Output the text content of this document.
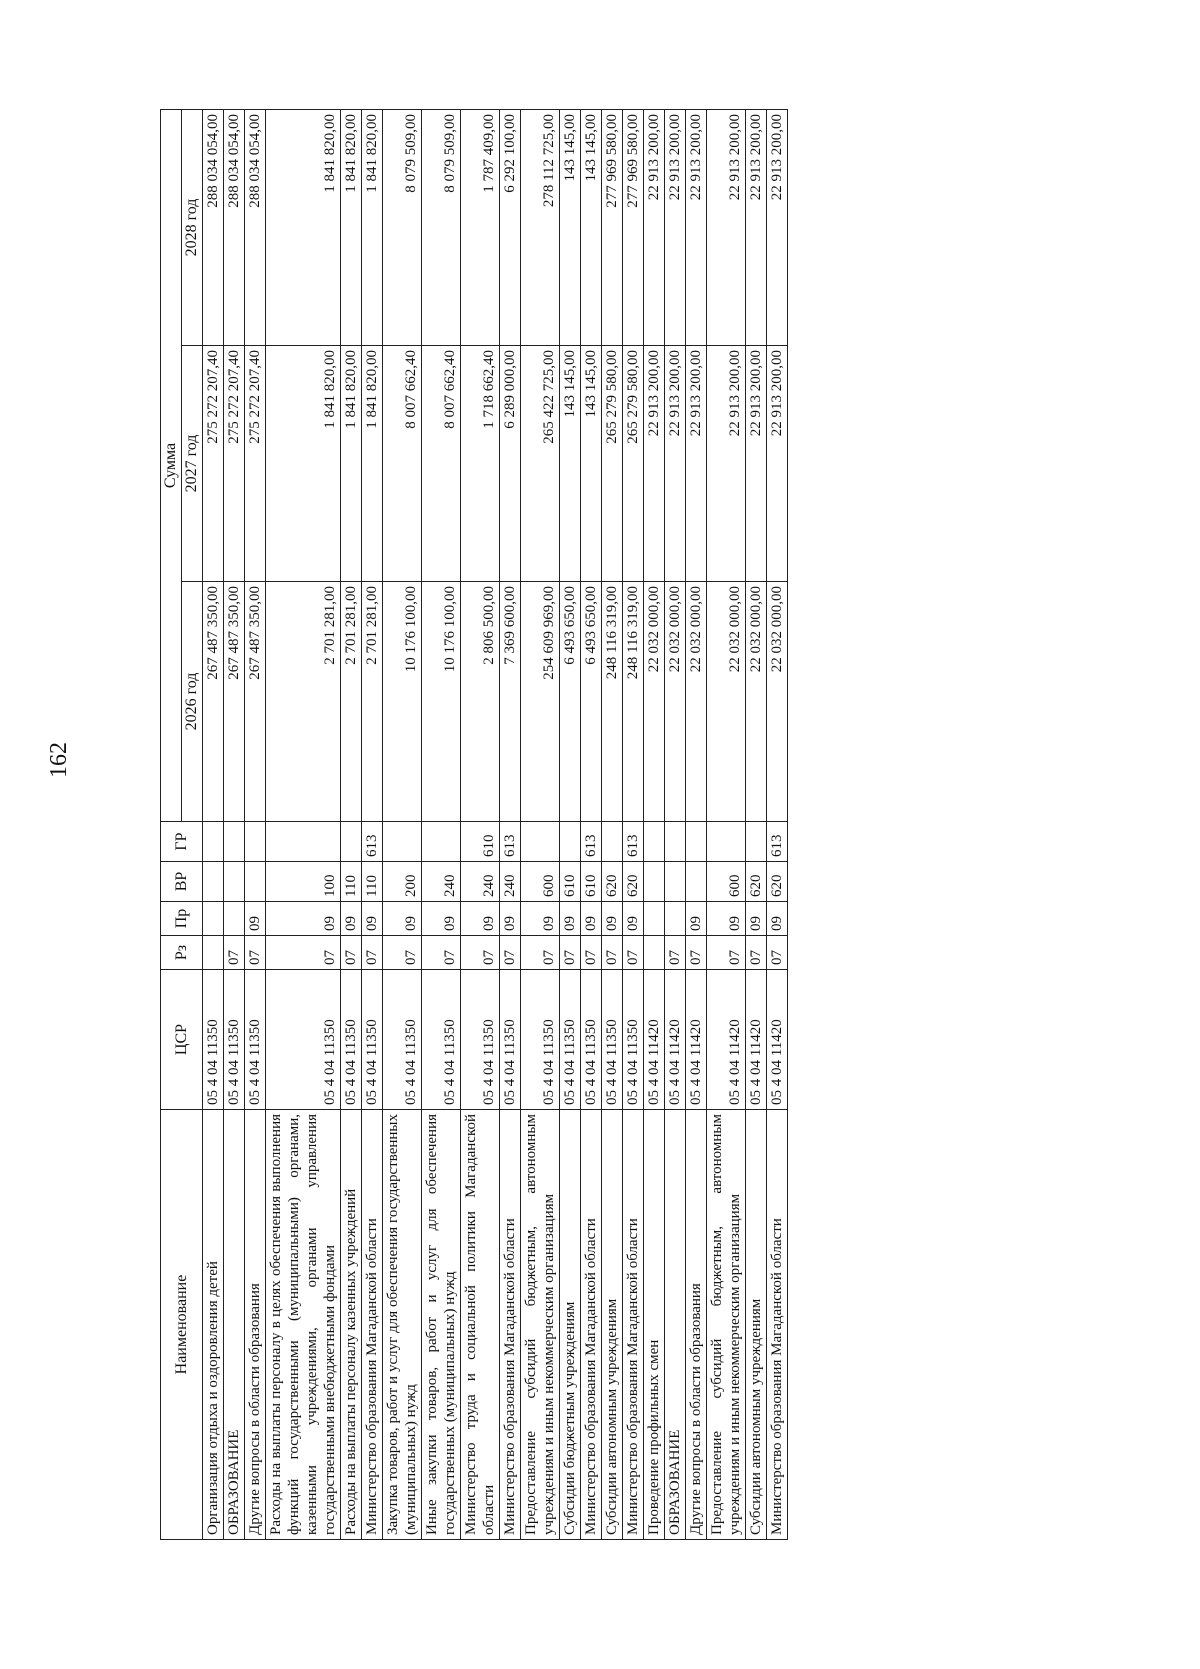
162
Наименование	ЦСР	Рз	Пр	ВР	ГР	Сумма		
						2026 год	2027 год	2028 год
Организация отдыха и оздоровления детей	05 4 04 11350					267 487 350,00	275 272 207,40	288 034 054,00
ОБРАЗОВАНИЕ	05 4 04 11350	07				267 487 350,00	275 272 207,40	288 034 054,00
Другие вопросы в области образования	05 4 04 11350	07	09			267 487 350,00	275 272 207,40	288 034 054,00
Расходы на выплаты персоналу в целях обеспечения выполнения функций государственными (муниципальными) органами, казенными учреждениями, органами управления государственными внебюджетными фондами	05 4 04 11350	07	09	100		2 701 281,00	1 841 820,00	1 841 820,00
Расходы на выплаты персоналу казенных учреждений	05 4 04 11350	07	09	110		2 701 281,00	1 841 820,00	1 841 820,00
Министерство образования Магаданской области	05 4 04 11350	07	09	110	613	2 701 281,00	1 841 820,00	1 841 820,00
Закупка товаров, работ и услуг для обеспечения государственных (муниципальных) нужд	05 4 04 11350	07	09	200		10 176 100,00	8 007 662,40	8 079 509,00
Иные закупки товаров, работ и услуг для обеспечения государственных (муниципальных) нужд	05 4 04 11350	07	09	240		10 176 100,00	8 007 662,40	8 079 509,00
Министерство труда и социальной политики Магаданской области	05 4 04 11350	07	09	240	610	2 806 500,00	1 718 662,40	1 787 409,00
Министерство образования Магаданской области	05 4 04 11350	07	09	240	613	7 369 600,00	6 289 000,00	6 292 100,00
Предоставление субсидий бюджетным, автономным учреждениям и иным некоммерческим организациям	05 4 04 11350	07	09	600		254 609 969,00	265 422 725,00	278 112 725,00
Субсидии бюджетным учреждениям	05 4 04 11350	07	09	610		6 493 650,00	143 145,00	143 145,00
Министерство образования Магаданской области	05 4 04 11350	07	09	610	613	6 493 650,00	143 145,00	143 145,00
Субсидии автономным учреждениям	05 4 04 11350	07	09	620		248 116 319,00	265 279 580,00	277 969 580,00
Министерство образования Магаданской области	05 4 04 11350	07	09	620	613	248 116 319,00	265 279 580,00	277 969 580,00
Проведение профильных смен	05 4 04 11420					22 032 000,00	22 913 200,00	22 913 200,00
ОБРАЗОВАНИЕ	05 4 04 11420	07				22 032 000,00	22 913 200,00	22 913 200,00
Другие вопросы в области образования	05 4 04 11420	07	09			22 032 000,00	22 913 200,00	22 913 200,00
Предоставление субсидий бюджетным, автономным учреждениям и иным некоммерческим организациям	05 4 04 11420	07	09	600		22 032 000,00	22 913 200,00	22 913 200,00
Субсидии автономным учреждениям	05 4 04 11420	07	09	620		22 032 000,00	22 913 200,00	22 913 200,00
Министерство образования Магаданской области	05 4 04 11420	07	09	620	613	22 032 000,00	22 913 200,00	22 913 200,00
